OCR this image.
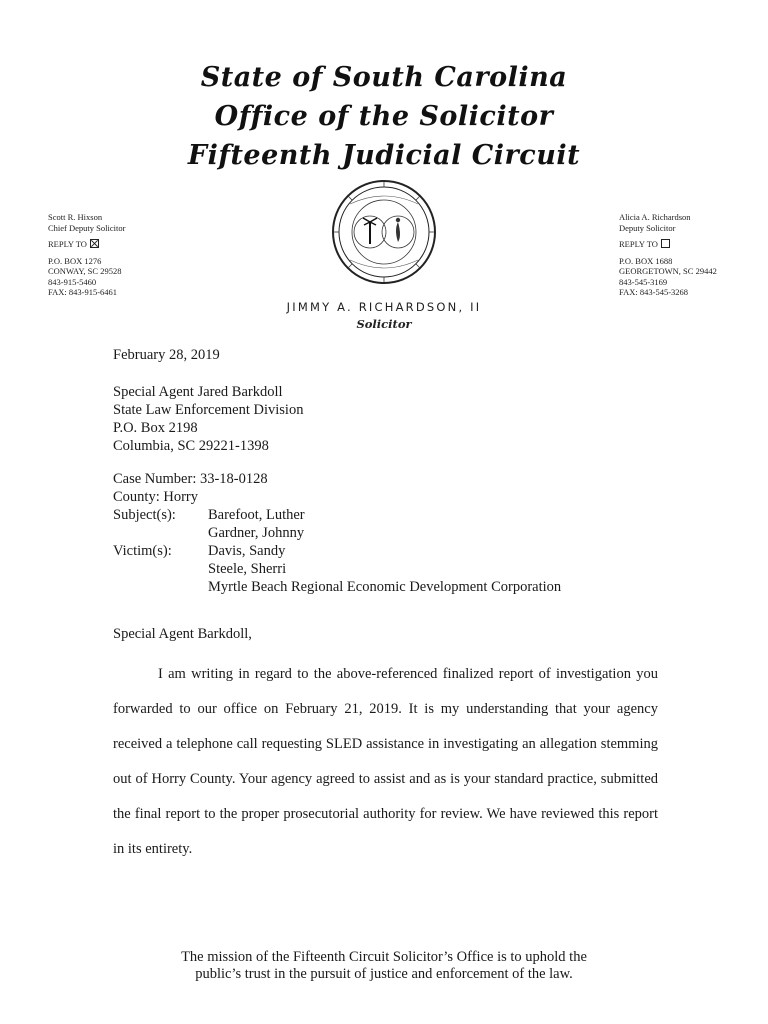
State of South Carolina
Office of the Solicitor
Fifteenth Judicial Circuit
Scott R. Hixson
Chief Deputy Solicitor
REPLY TO
P.O. BOX 1276
CONWAY, SC 29528
843-915-5460
FAX: 843-915-6461
Alicia A. Richardson
Deputy Solicitor
REPLY TO
P.O. BOX 1688
GEORGETOWN, SC 29442
843-545-3169
FAX: 843-545-3268
JIMMY A. RICHARDSON, II
Solicitor
February 28, 2019
Special Agent Jared Barkdoll
State Law Enforcement Division
P.O. Box 2198
Columbia, SC 29221-1398
Case Number: 33-18-0128
County: Horry
Subject(s): Barefoot, Luther
Gardner, Johnny
Victim(s):	Davis, Sandy
Steele, Sherri
Myrtle Beach Regional Economic Development Corporation
Special Agent Barkdoll,
I am writing in regard to the above-referenced finalized report of investigation you forwarded to our office on February 21, 2019. It is my understanding that your agency received a telephone call requesting SLED assistance in investigating an allegation stemming out of Horry County. Your agency agreed to assist and as is your standard practice, submitted the final report to the proper prosecutorial authority for review. We have reviewed this report in its entirety.
The mission of the Fifteenth Circuit Solicitor’s Office is to uphold the
public’s trust in the pursuit of justice and enforcement of the law.
